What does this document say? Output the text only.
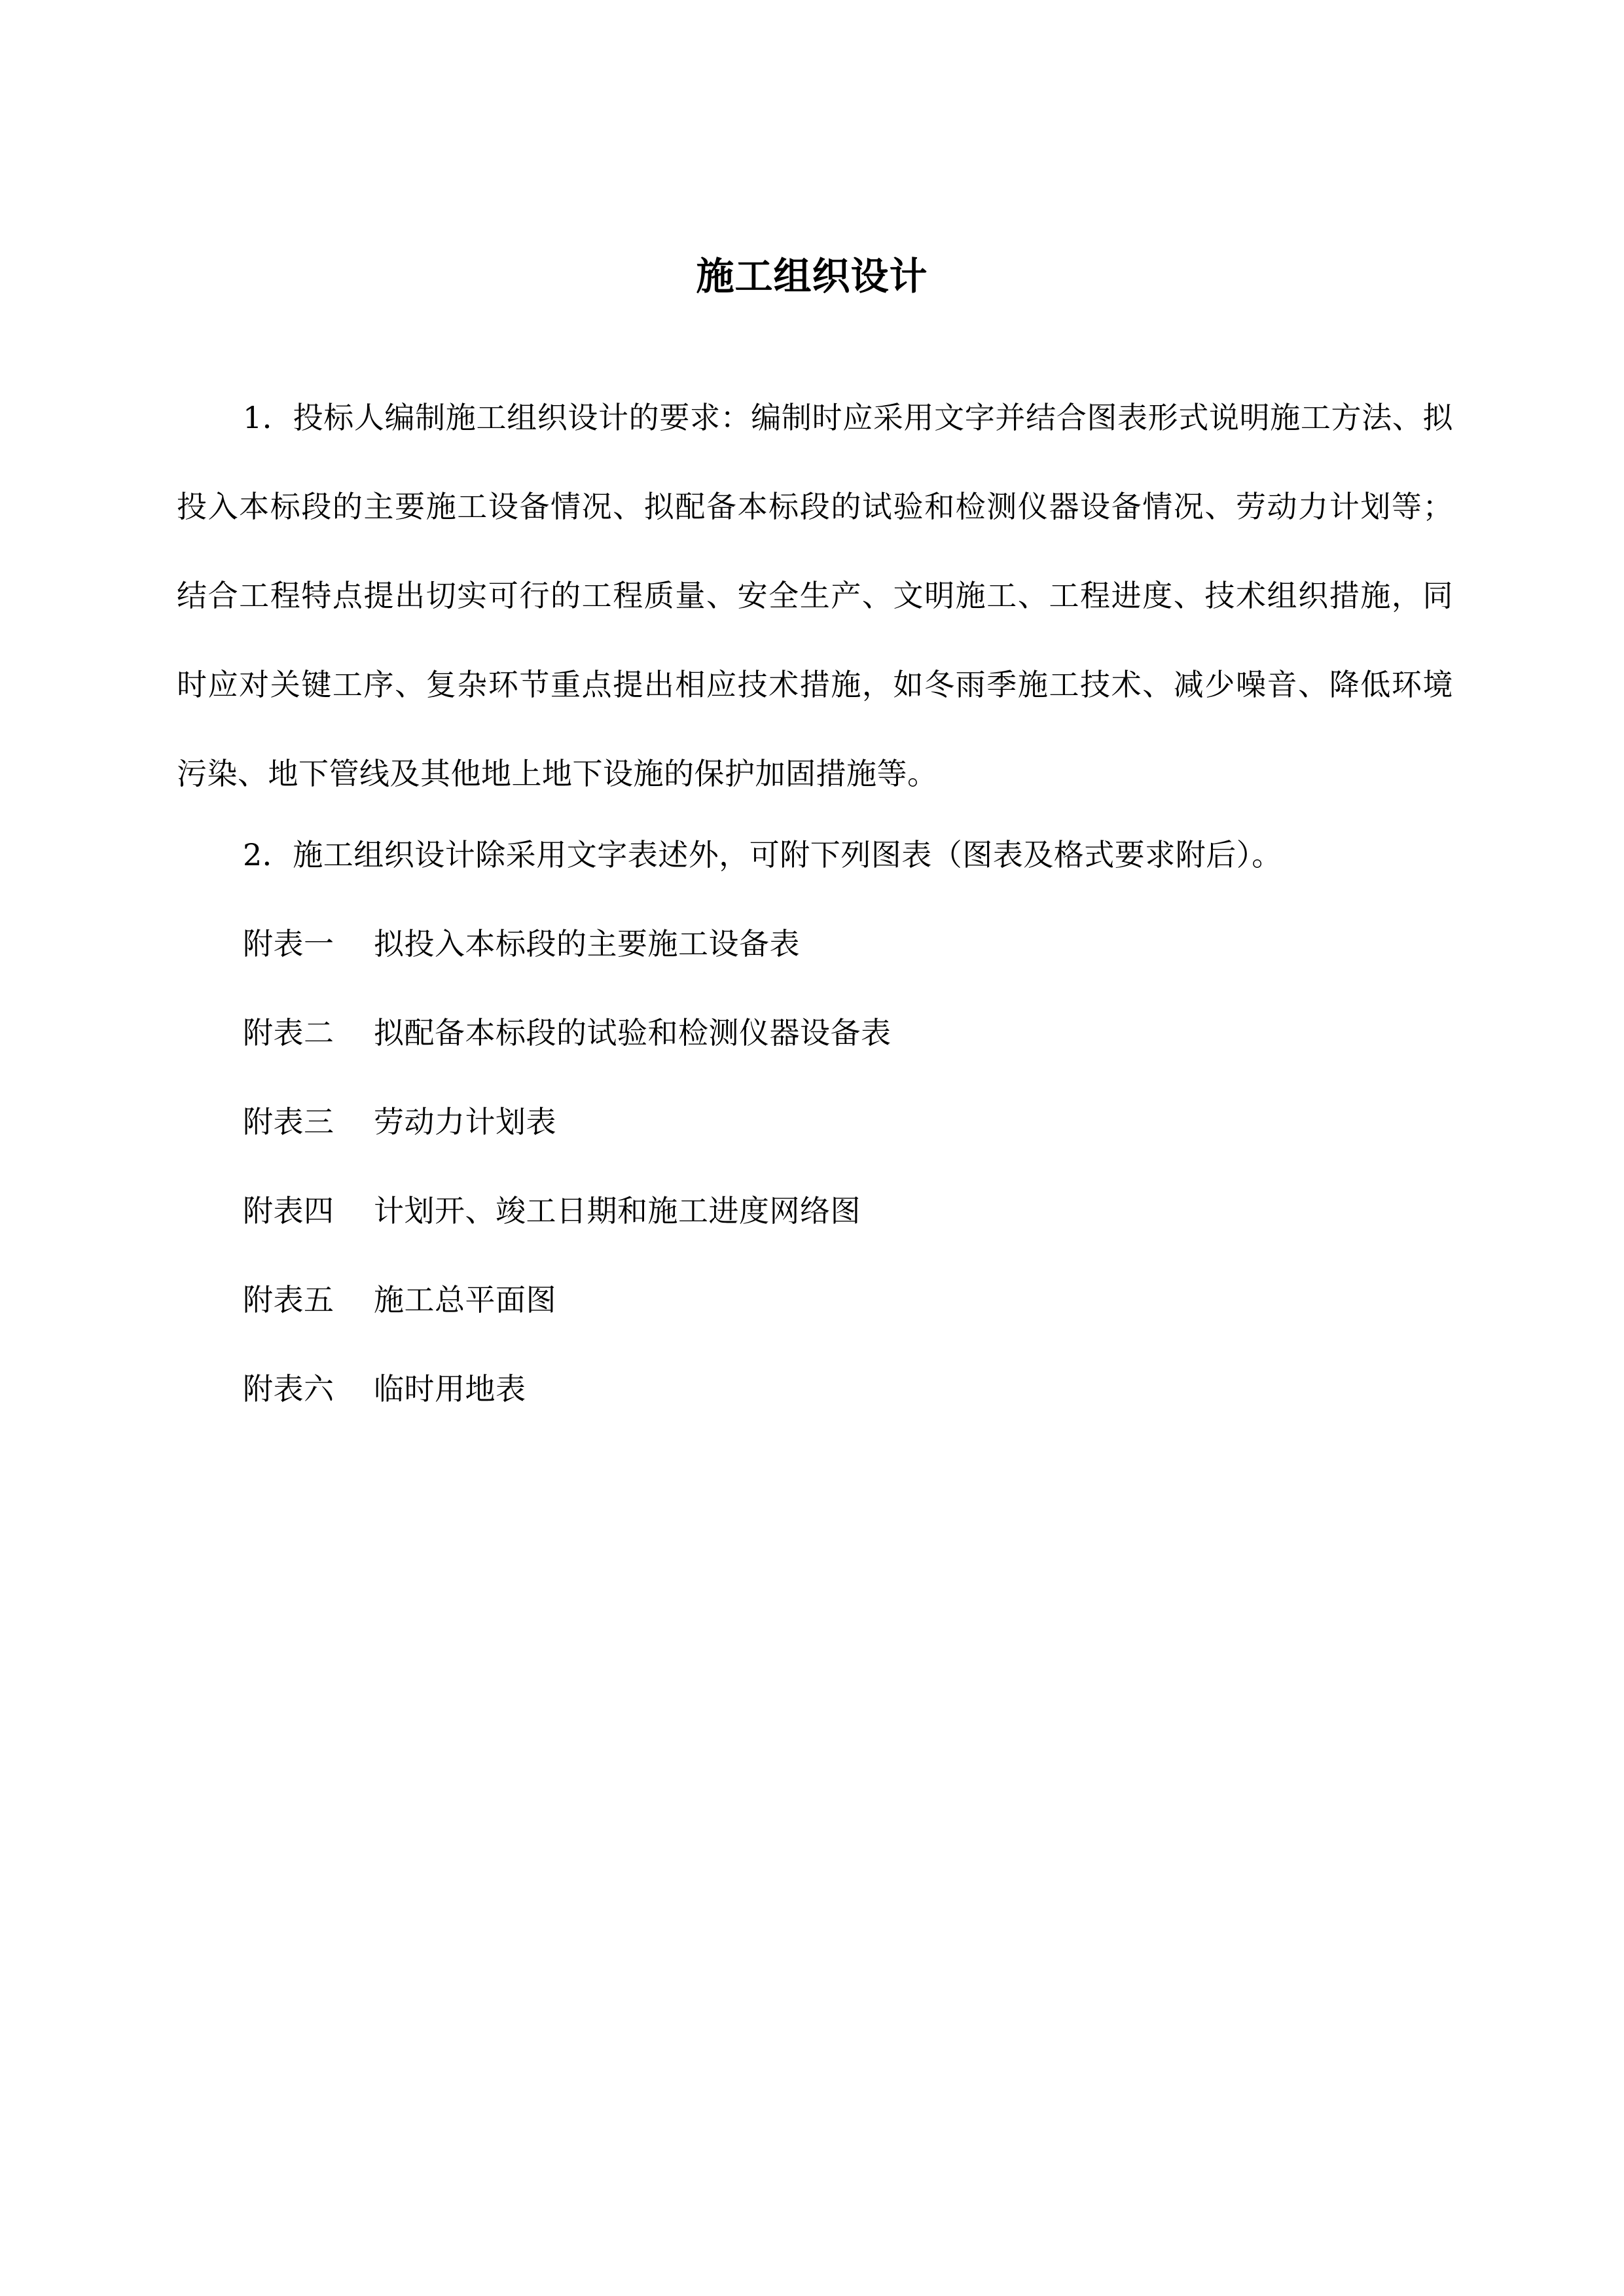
施工组织设计
1．投标人编制施工组织设计的要求：编制时应采用文字并结合图表形式说明施工方法、拟投入本标段的主要施工设备情况、拟配备本标段的试验和检测仪器设备情况、劳动力计划等；结合工程特点提出切实可行的工程质量、安全生产、文明施工、工程进度、技术组织措施，同时应对关键工序、复杂环节重点提出相应技术措施，如冬雨季施工技术、减少噪音、降低环境污染、地下管线及其他地上地下设施的保护加固措施等。
2．施工组织设计除采用文字表述外，可附下列图表（图表及格式要求附后）。
附表一 拟投入本标段的主要施工设备表
附表二 拟配备本标段的试验和检测仪器设备表
附表三 劳动力计划表
附表四 计划开、竣工日期和施工进度网络图
附表五 施工总平面图
附表六 临时用地表
